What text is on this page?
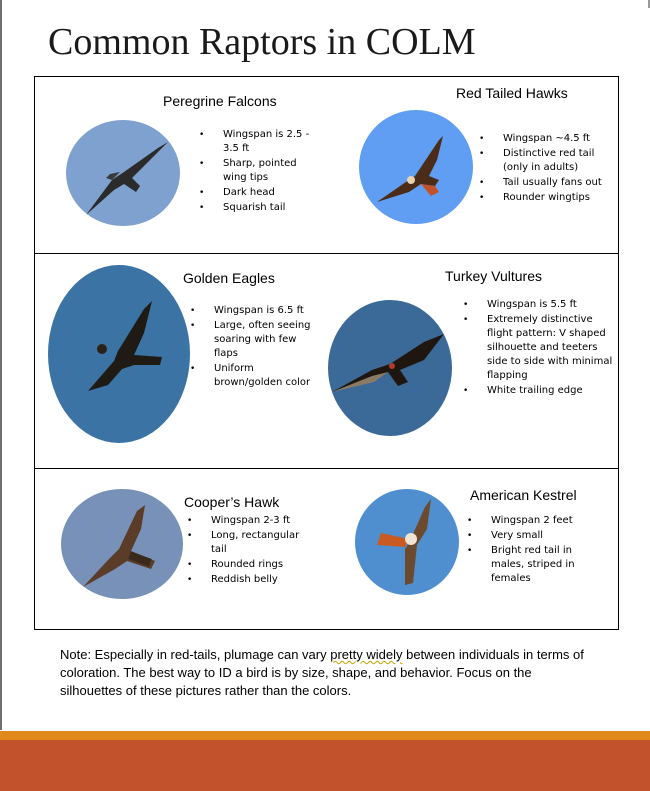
Common Raptors in COLM
Peregrine Falcons
• Wingspan is 2.5 - 3.5 ft
• Sharp, pointed wing tips
• Dark head
• Squarish tail
Red Tailed Hawks
• Wingspan ~4.5 ft
• Distinctive red tail (only in adults)
• Tail usually fans out
• Rounder wingtips
Golden Eagles
• Wingspan is 6.5 ft
• Large, often seeing soaring with few flaps
• Uniform brown/golden color
Turkey Vultures
• Wingspan is 5.5 ft
• Extremely distinctive flight pattern: V shaped silhouette and teeters side to side with minimal flapping
• White trailing edge
Cooper’s Hawk
• Wingspan 2-3 ft
• Long, rectangular tail
• Rounded rings
• Reddish belly
American Kestrel
• Wingspan 2 feet
• Very small
• Bright red tail in males, striped in females
Note: Especially in red-tails, plumage can vary pretty widely between individuals in terms of coloration. The best way to ID a bird is by size, shape, and behavior. Focus on the silhouettes of these pictures rather than the colors.
